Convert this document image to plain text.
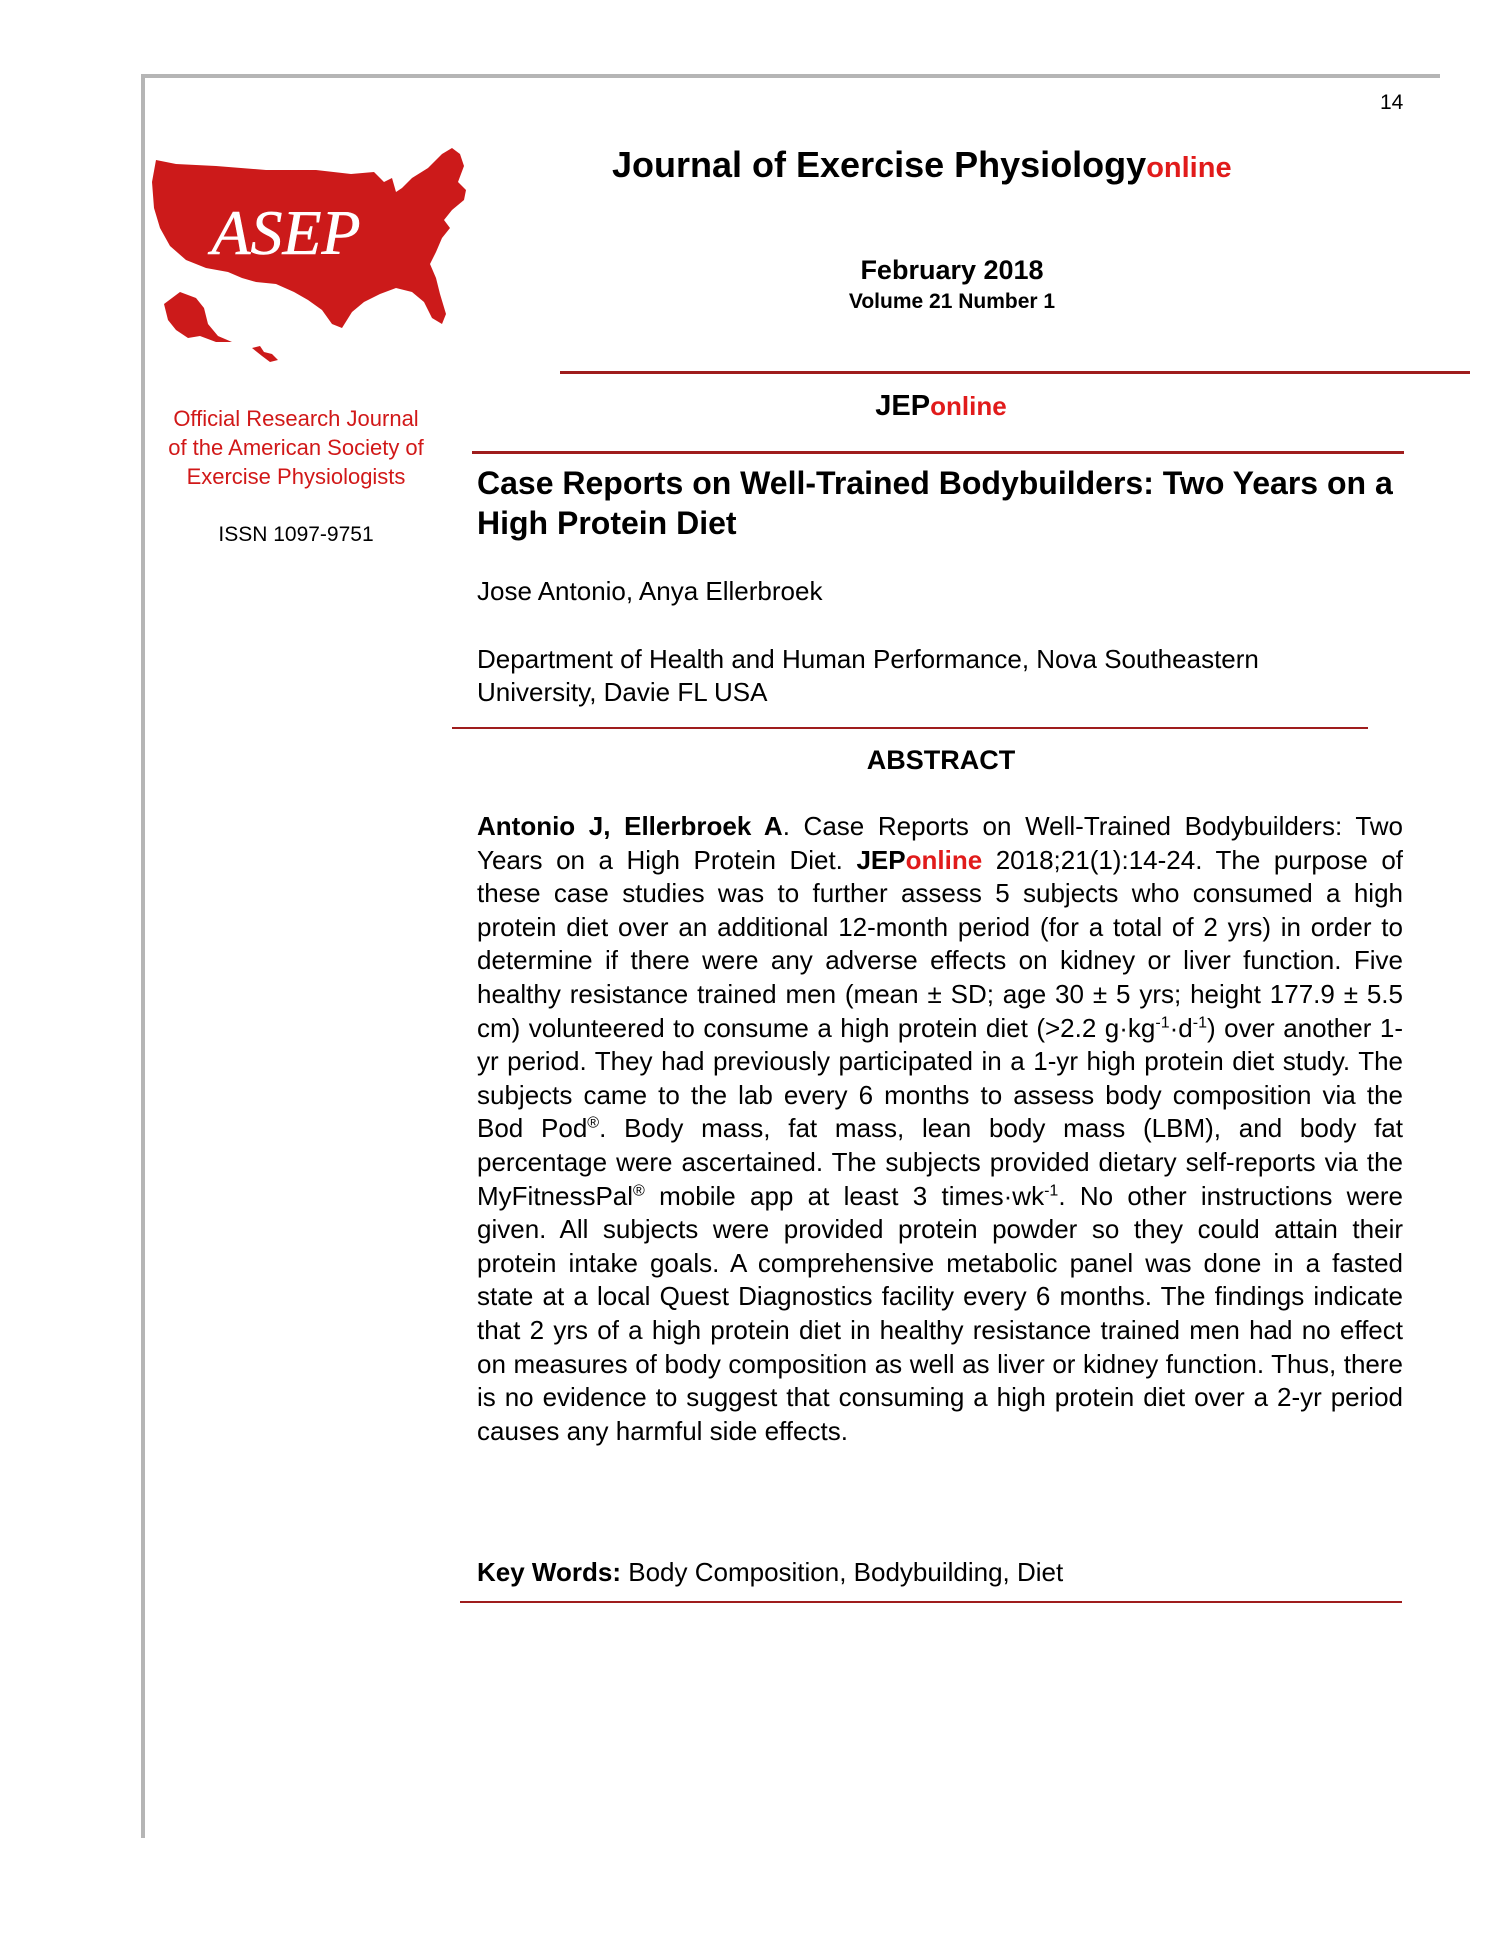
14
ASEP
Official Research Journal
of the American Society of
Exercise Physiologists
ISSN 1097-9751
Journal of Exercise Physiologyonline
February 2018
Volume 21 Number 1
JEPonline
Case Reports on Well-Trained Bodybuilders: Two Years on a High Protein Diet
Jose Antonio, Anya Ellerbroek
Department of Health and Human Performance, Nova Southeastern
University, Davie FL USA
ABSTRACT
Antonio J, Ellerbroek A. Case Reports on Well-Trained Bodybuilders: Two Years on a High Protein Diet. JEPonline 2018;21(1):14-24. The purpose of these case studies was to further assess 5 subjects who consumed a high protein diet over an additional 12-month period (for a total of 2 yrs) in order to determine if there were any adverse effects on kidney or liver function. Five healthy resistance trained men (mean ± SD; age 30 ± 5 yrs; height 177.9 ± 5.5 cm) volunteered to consume a high protein diet (>2.2 $g\cdot kg^{-1}\cdot d^{-1}$) over another 1-yr period. They had previously participated in a 1-yr high protein diet study. The subjects came to the lab every 6 months to assess body composition via the Bod Pod®. Body mass, fat mass, lean body mass (LBM), and body fat percentage were ascertained. The subjects provided dietary self-reports via the MyFitnessPal® mobile app at least 3 $times\cdot wk^{-1}$. No other instructions were given. All subjects were provided protein powder so they could attain their protein intake goals. A comprehensive metabolic panel was done in a fasted state at a local Quest Diagnostics facility every 6 months. The findings indicate that 2 yrs of a high protein diet in healthy resistance trained men had no effect on measures of body composition as well as liver or kidney function. Thus, there is no evidence to suggest that consuming a high protein diet over a 2-yr period causes any harmful side effects.
Key Words: Body Composition, Bodybuilding, Diet
